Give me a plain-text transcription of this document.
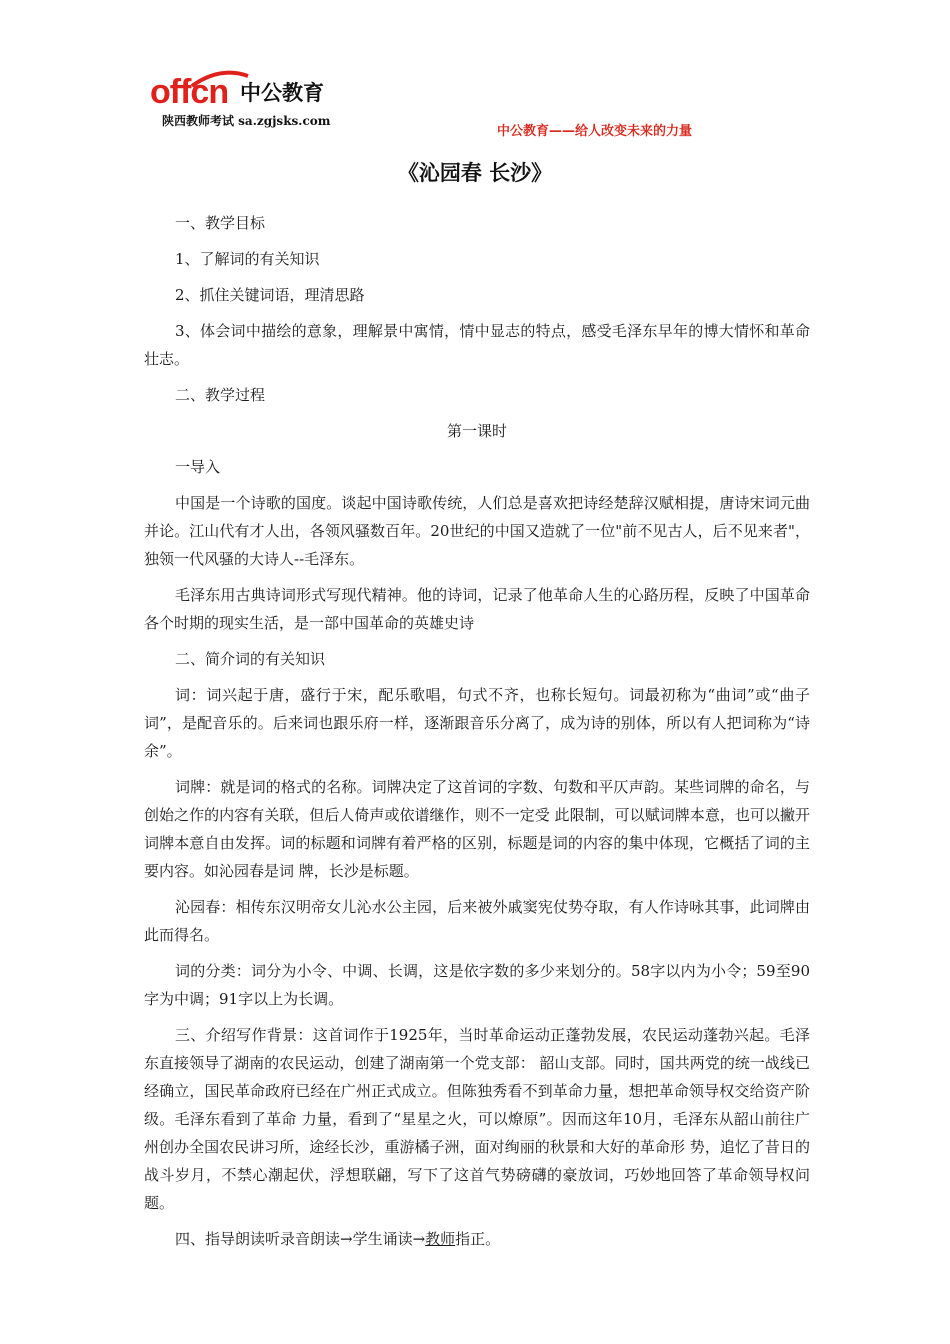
offcn 中公教育
陕西教师考试 sa.zgjsks.com
中公教育——给人改变未来的力量
《沁园春 长沙》

一、教学目标

1、了解词的有关知识

2、抓住关键词语，理清思路

3、体会词中描绘的意象，理解景中寓情，情中显志的特点，感受毛泽东早年的博大情怀和革命壮志。

二、教学过程

第一课时

一导入

中国是一个诗歌的国度。谈起中国诗歌传统，人们总是喜欢把诗经楚辞汉赋相提，唐诗宋词元曲并论。江山代有才人出，各领风骚数百年。20世纪的中国又造就了一位"前不见古人，后不见来者"，独领一代风骚的大诗人--毛泽东。

毛泽东用古典诗词形式写现代精神。他的诗词，记录了他革命人生的心路历程，反映了中国革命各个时期的现实生活，是一部中国革命的英雄史诗

二、简介词的有关知识

词：词兴起于唐，盛行于宋，配乐歌唱，句式不齐，也称长短句。词最初称为“曲词”或“曲子词”，是配音乐的。后来词也跟乐府一样，逐渐跟音乐分离了，成为诗的别体，所以有人把词称为“诗余”。

词牌：就是词的格式的名称。词牌决定了这首词的字数、句数和平仄声韵。某些词牌的命名，与创始之作的内容有关联，但后人倚声或依谱继作，则不一定受 此限制，可以赋词牌本意，也可以撇开词牌本意自由发挥。词的标题和词牌有着严格的区别，标题是词的内容的集中体现，它概括了词的主要内容。如沁园春是词 牌，长沙是标题。

沁园春：相传东汉明帝女儿沁水公主园，后来被外戚窦宪仗势夺取，有人作诗咏其事，此词牌由此而得名。

词的分类：词分为小令、中调、长调，这是依字数的多少来划分的。58字以内为小令；59至90字为中调；91字以上为长调。

三、介绍写作背景：这首词作于1925年，当时革命运动正蓬勃发展，农民运动蓬勃兴起。毛泽东直接领导了湖南的农民运动，创建了湖南第一个党支部： 韶山支部。同时，国共两党的统一战线已经确立，国民革命政府已经在广州正式成立。但陈独秀看不到革命力量，想把革命领导权交给资产阶级。毛泽东看到了革命 力量，看到了“星星之火，可以燎原”。因而这年10月，毛泽东从韶山前往广州创办全国农民讲习所，途经长沙，重游橘子洲，面对绚丽的秋景和大好的革命形 势，追忆了昔日的战斗岁月，不禁心潮起伏，浮想联翩，写下了这首气势磅礴的豪放词，巧妙地回答了革命领导权问题。

四、指导朗读听录音朗读→学生诵读→教师指正。
